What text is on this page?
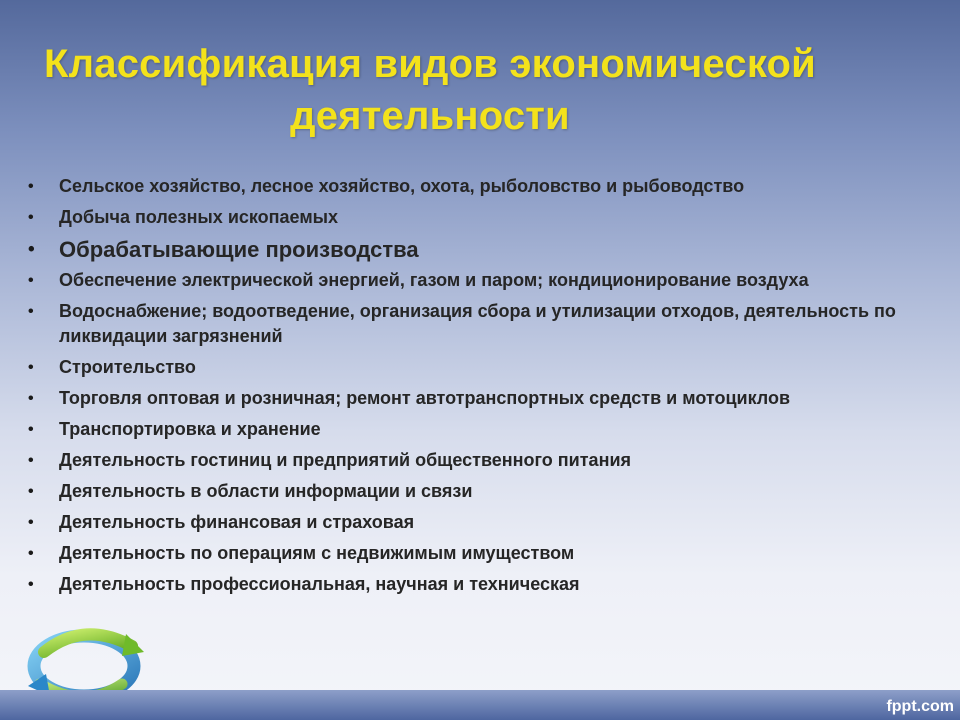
Классификация видов экономической
деятельности
• Сельское хозяйство, лесное хозяйство, охота, рыболовство и рыбоводство
• Добыча полезных ископаемых
• Обрабатывающие производства
• Обеспечение электрической энергией, газом и паром; кондиционирование воздуха
• Водоснабжение; водоотведение, организация сбора и утилизации отходов, деятельность по ликвидации загрязнений
• Строительство
• Торговля оптовая и розничная; ремонт автотранспортных средств и мотоциклов
• Транспортировка и хранение
• Деятельность гостиниц и предприятий общественного питания
• Деятельность в области информации и связи
• Деятельность финансовая и страховая
• Деятельность по операциям с недвижимым имуществом
• Деятельность профессиональная, научная и техническая
fppt.com
